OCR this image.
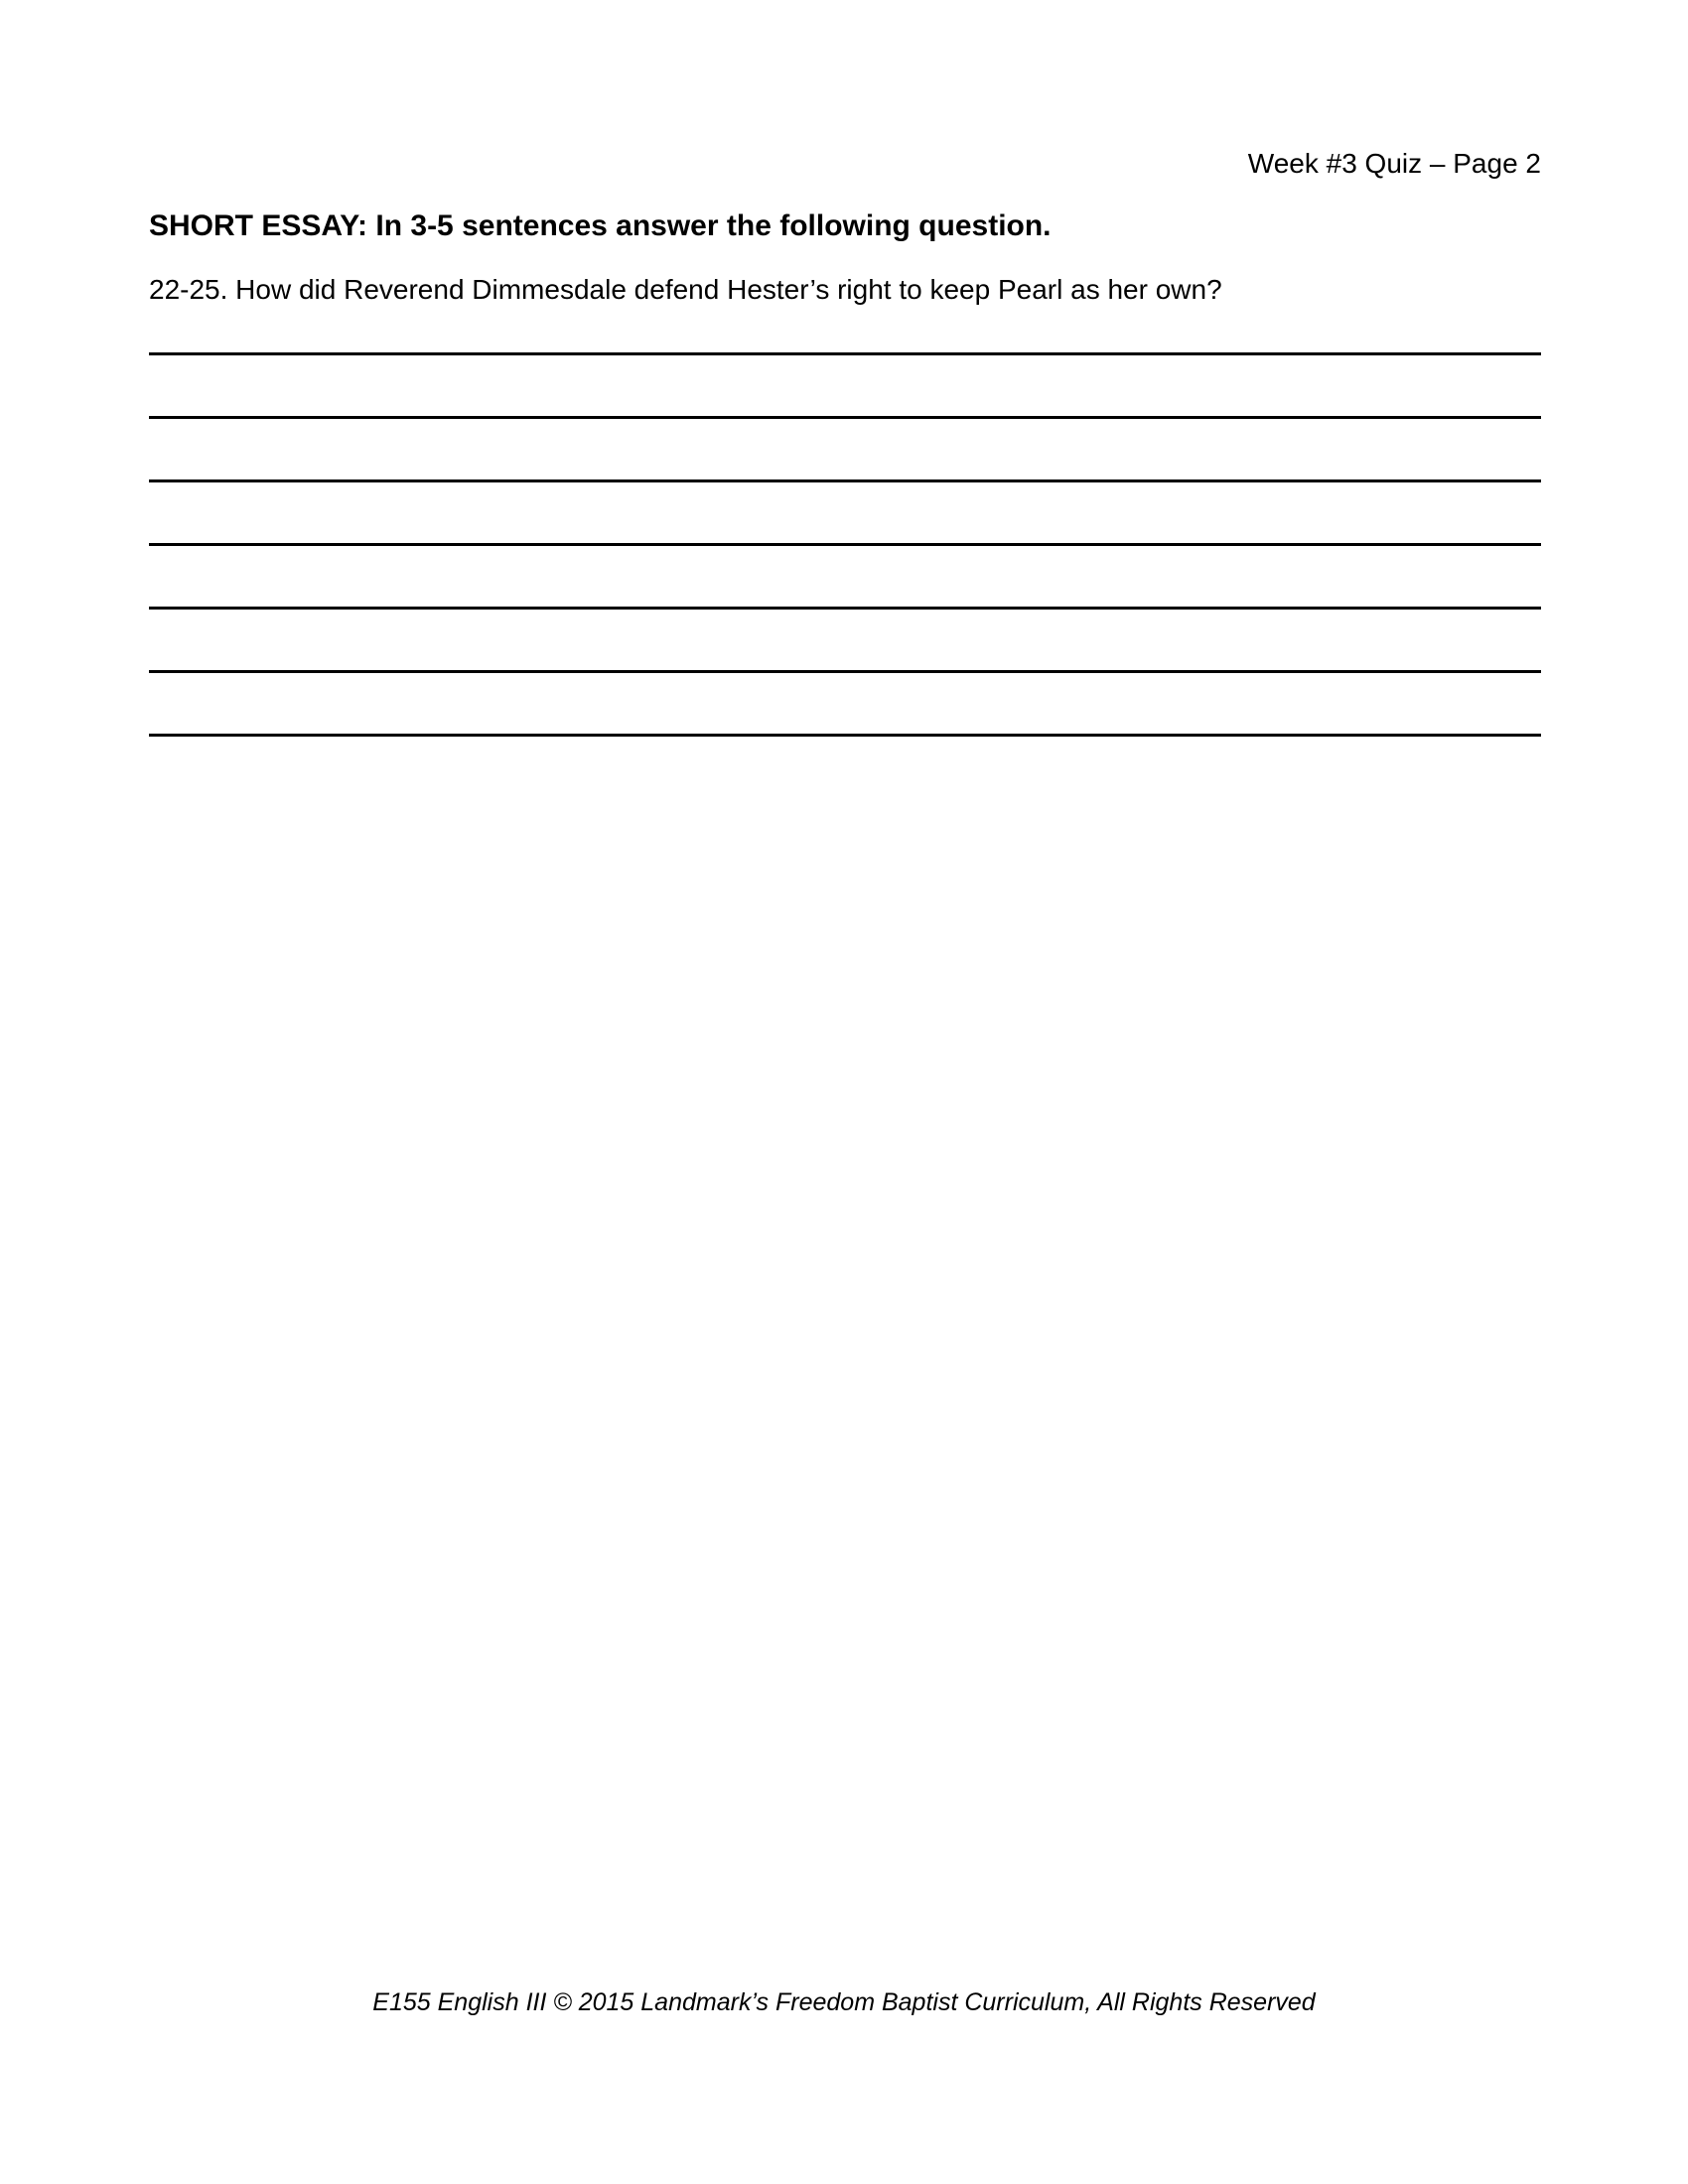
Week #3 Quiz – Page 2
SHORT ESSAY: In 3-5 sentences answer the following question.
22-25. How did Reverend Dimmesdale defend Hester’s right to keep Pearl as her own?
E155 English III © 2015 Landmark’s Freedom Baptist Curriculum, All Rights Reserved
